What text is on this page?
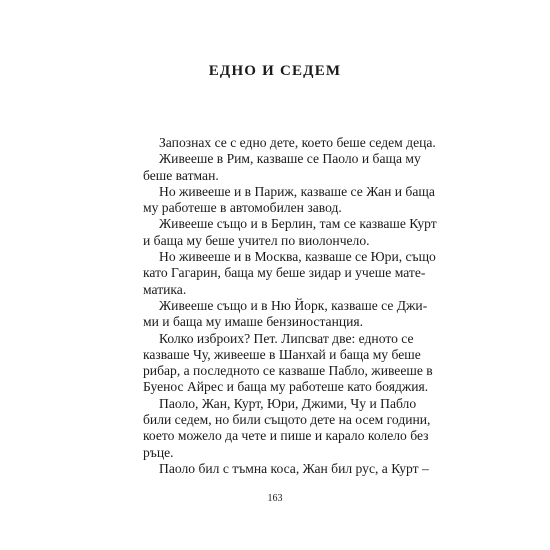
ЕДНО И СЕДЕМ
Запознах се с едно дете, което беше седем деца.
Живееше в Рим, казваше се Паоло и баща му
беше ватман.
Но живееше и в Париж, казваше се Жан и баща
му работеше в автомобилен завод.
Живееше също и в Берлин, там се казваше Курт
и баща му беше учител по виолончело.
Но живееше и в Москва, казваше се Юри, също
като Гагарин, баща му беше зидар и учеше мате-
матика.
Живееше също и в Ню Йорк, казваше се Джи-
ми и баща му имаше бензиностанция.
Колко изброих? Пет. Липсват две: едното се
казваше Чу, живееше в Шанхай и баща му беше
рибар, а последното се казваше Пабло, живееше в
Буенос Айрес и баща му работеше като бояджия.
Паоло, Жан, Курт, Юри, Джими, Чу и Пабло
били седем, но били същото дете на осем години,
което можело да чете и пише и карало колело без
ръце.
Паоло бил с тъмна коса, Жан бил рус, а Курт –
163
